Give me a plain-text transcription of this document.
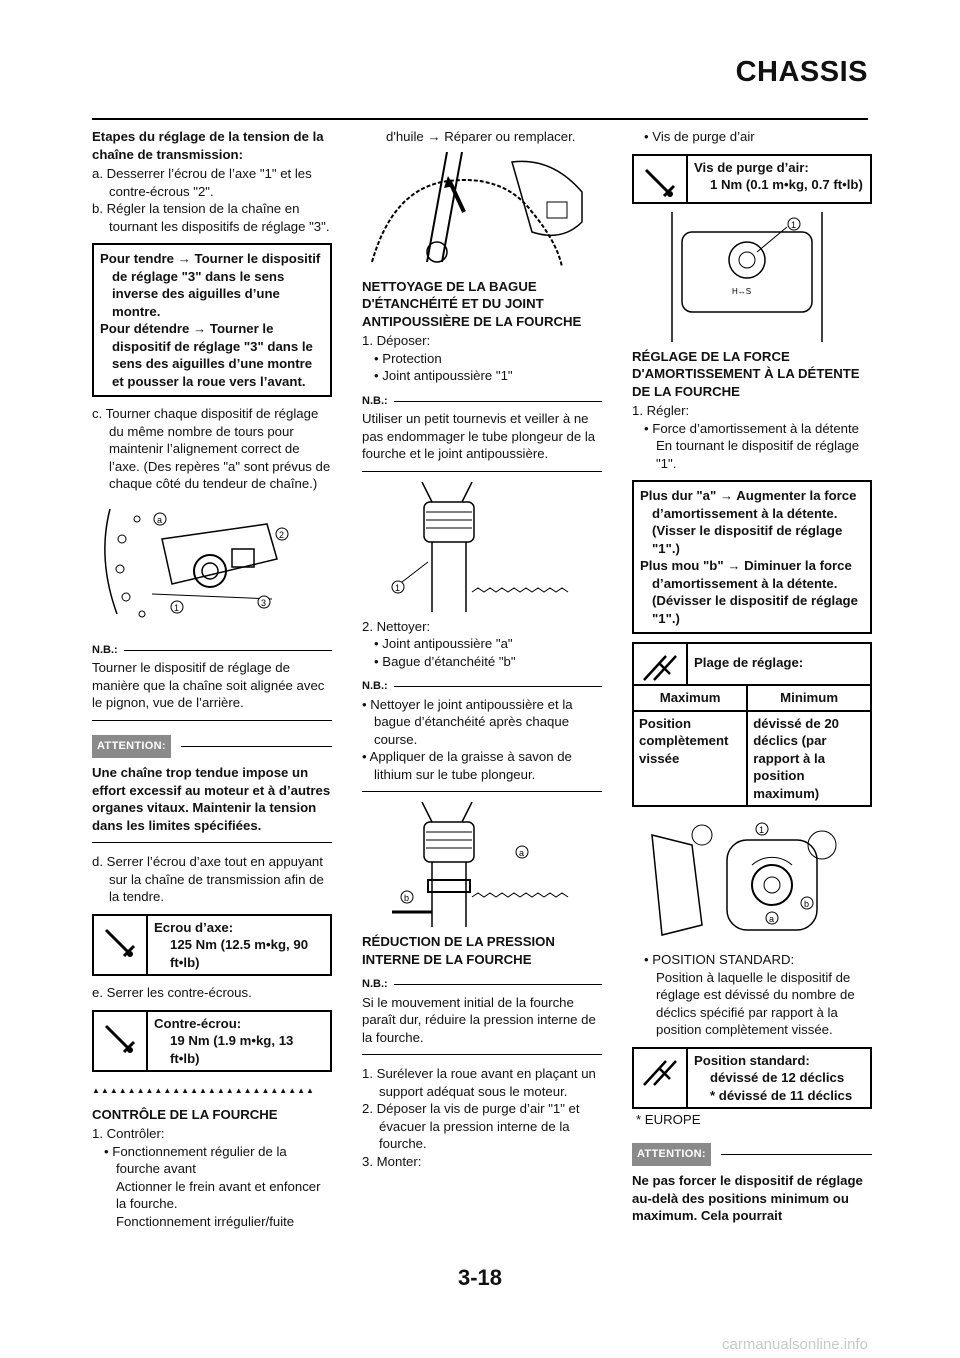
CHASSIS

Etapes du réglage de la tension de la chaîne de transmission:

a. Desserrer l’écrou de l’axe "1" et les contre-écrous "2".

b. Régler la tension de la chaîne en tournant les dispositifs de réglage "3".

Pour tendre → Tourner le dispositif de réglage "3" dans le sens inverse des aiguilles d’une montre.

Pour détendre → Tourner le dispositif de réglage "3" dans le sens des aiguilles d’une montre et pousser la roue vers l’avant.

c. Tourner chaque dispositif de réglage du même nombre de tours pour maintenir l’alignement correct de l’axe. (Des repères "a" sont prévus de chaque côté du tendeur de chaîne.)

a
2
3
1
N.B.:

Tourner le dispositif de réglage de manière que la chaîne soit alignée avec le pignon, vue de l’arrière.

ATTENTION:

Une chaîne trop tendue impose un effort excessif au moteur et à d’autres organes vitaux. Maintenir la tension dans les limites spécifiées.

d. Serrer l’écrou d’axe tout en appuyant sur la chaîne de transmission afin de la tendre.

Ecrou d’axe:
125 Nm (12.5 m•kg, 90 ft•lb)

e. Serrer les contre-écrous.

Contre-écrou:
19 Nm (1.9 m•kg, 13 ft•lb)
▲▲▲▲▲▲▲▲▲▲▲▲▲▲▲▲▲▲▲▲▲▲▲▲▲

CONTRÔLE DE LA FOURCHE

1. Contrôler:

• Fonctionnement régulier de la fourche avant

Actionner le frein avant et enfoncer la fourche.

Fonctionnement irrégulier/fuite

d'huile → Réparer ou remplacer.

NETTOYAGE DE LA BAGUE D'ÉTANCHÉITÉ ET DU JOINT ANTIPOUSSIÈRE DE LA FOURCHE

1. Déposer:

• Protection

• Joint antipoussière "1"

N.B.:

Utiliser un petit tournevis et veiller à ne pas endommager le tube plongeur de la fourche et le joint antipoussière.

1

2. Nettoyer:

• Joint antipoussière "a"

• Bague d’étanchéité "b"

N.B.:

• Nettoyer le joint antipoussière et la bague d’étanchéité après chaque course.

• Appliquer de la graisse à savon de lithium sur le tube plongeur.

a
b

RÉDUCTION DE LA PRESSION INTERNE DE LA FOURCHE

N.B.:

Si le mouvement initial de la fourche paraît dur, réduire la pression interne de la fourche.

1. Surélever la roue avant en plaçant un support adéquat sous le moteur.

2. Déposer la vis de purge d’air "1" et évacuer la pression interne de la fourche.

3. Monter:

• Vis de purge d’air

Vis de purge d’air:
1 Nm (0.1 m•kg, 0.7 ft•lb)
H↔S
1

RÉGLAGE DE LA FORCE D'AMORTISSEMENT À LA DÉTENTE DE LA FOURCHE

1. Régler:

• Force d’amortissement à la détente

En tournant le dispositif de réglage "1".

Plus dur "a" → Augmenter la force d’amortissement à la détente. (Visser le dispositif de réglage "1".)

Plus mou "b" → Diminuer la force d’amortissement à la détente. (Dévisser le dispositif de réglage "1".)

Plage de réglage:
Maximum	Minimum
Position complètement vissée	dévissé de 20 déclics (par rapport à la position maximum)
1
b
a

• POSITION STANDARD:

Position à laquelle le dispositif de réglage est dévissé du nombre de déclics spécifié par rapport à la position complètement vissée.

Position standard:
dévissé de 12 déclics
* dévissé de 11 déclics

* EUROPE

ATTENTION:

Ne pas forcer le dispositif de réglage au-delà des positions minimum ou maximum. Cela pourrait

3-18
carmanualsonline.info
